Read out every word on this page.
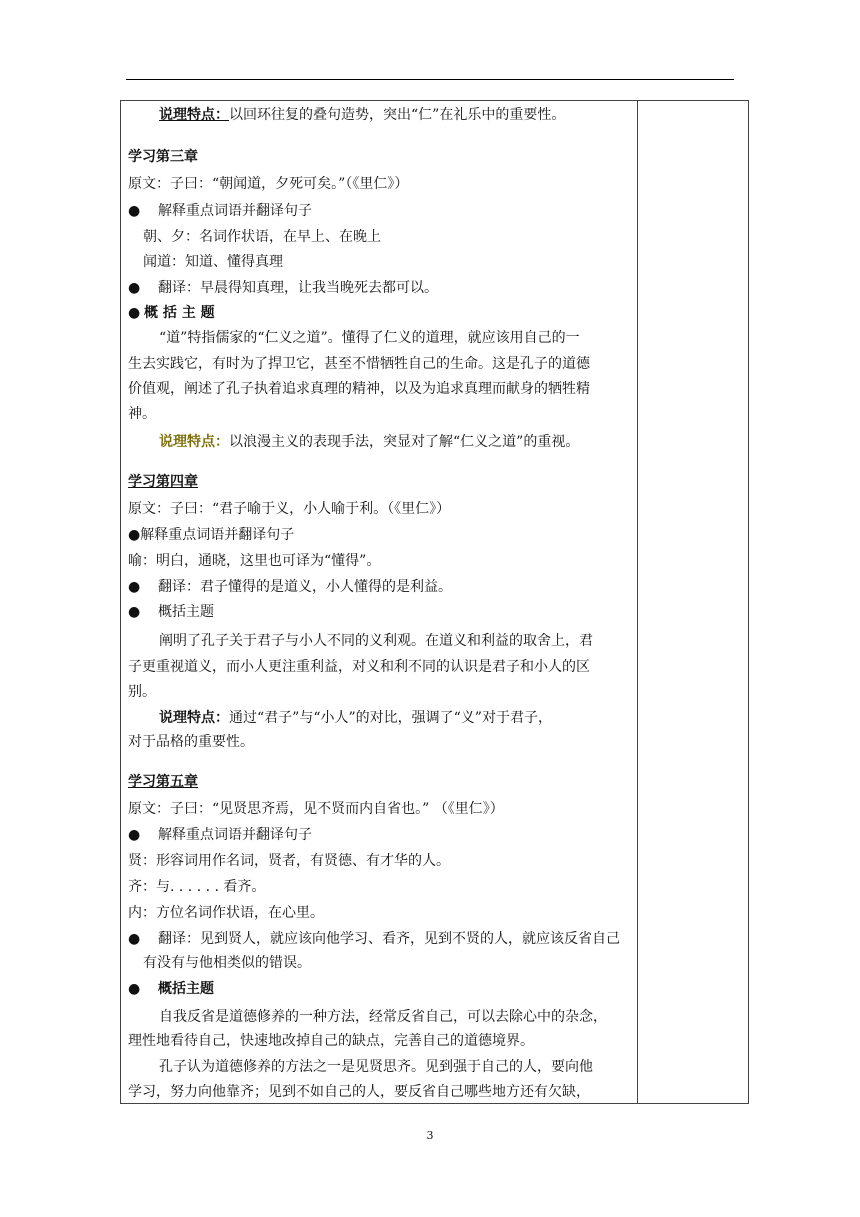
说理特点：以回环往复的叠句造势，突出“仁”在礼乐中的重要性。
学习第三章
原文：子曰：“朝闻道，夕死可矣。”（《里仁》）
● 解释重点词语并翻译句子
朝、夕：名词作状语，在早上、在晚上
闻道：知道、懂得真理
● 翻译：早晨得知真理，让我当晚死去都可以。
● 概 括 主 题
“道”特指儒家的“仁义之道”。懂得了仁义的道理，就应该用自己的一
生去实践它，有时为了捍卫它，甚至不惜牺牲自己的生命。这是孔子的道德
价值观，阐述了孔子执着追求真理的精神，以及为追求真理而献身的牺牲精
神。
说理特点：以浪漫主义的表现手法，突显对了解“仁义之道”的重视。
学习第四章
原文：子曰：“君子喻于义，小人喻于利。（《里仁》）
●解释重点词语并翻译句子
喻：明白，通晓，这里也可译为“懂得”。
● 翻译：君子懂得的是道义，小人懂得的是利益。
● 概括主题
阐明了孔子关于君子与小人不同的义利观。在道义和利益的取舍上，君
子更重视道义，而小人更注重利益，对义和利不同的认识是君子和小人的区
别。
说理特点：通过“君子”与“小人”的对比，强调了“义”对于君子，
对于品格的重要性。
学习第五章
原文：子曰：“见贤思齐焉，见不贤而内自省也。” （《里仁》）
● 解释重点词语并翻译句子
贤：形容词用作名词，贤者，有贤德、有才华的人。
齐：与. . . . . . 看齐。
内：方位名词作状语，在心里。
● 翻译：见到贤人，就应该向他学习、看齐，见到不贤的人，就应该反省自己
有没有与他相类似的错误。
● 概括主题
自我反省是道德修养的一种方法，经常反省自己，可以去除心中的杂念，
理性地看待自己，快速地改掉自己的缺点，完善自己的道德境界。
孔子认为道德修养的方法之一是见贤思齐。见到强于自己的人，要向他
学习，努力向他靠齐；见到不如自己的人，要反省自己哪些地方还有欠缺，
3
